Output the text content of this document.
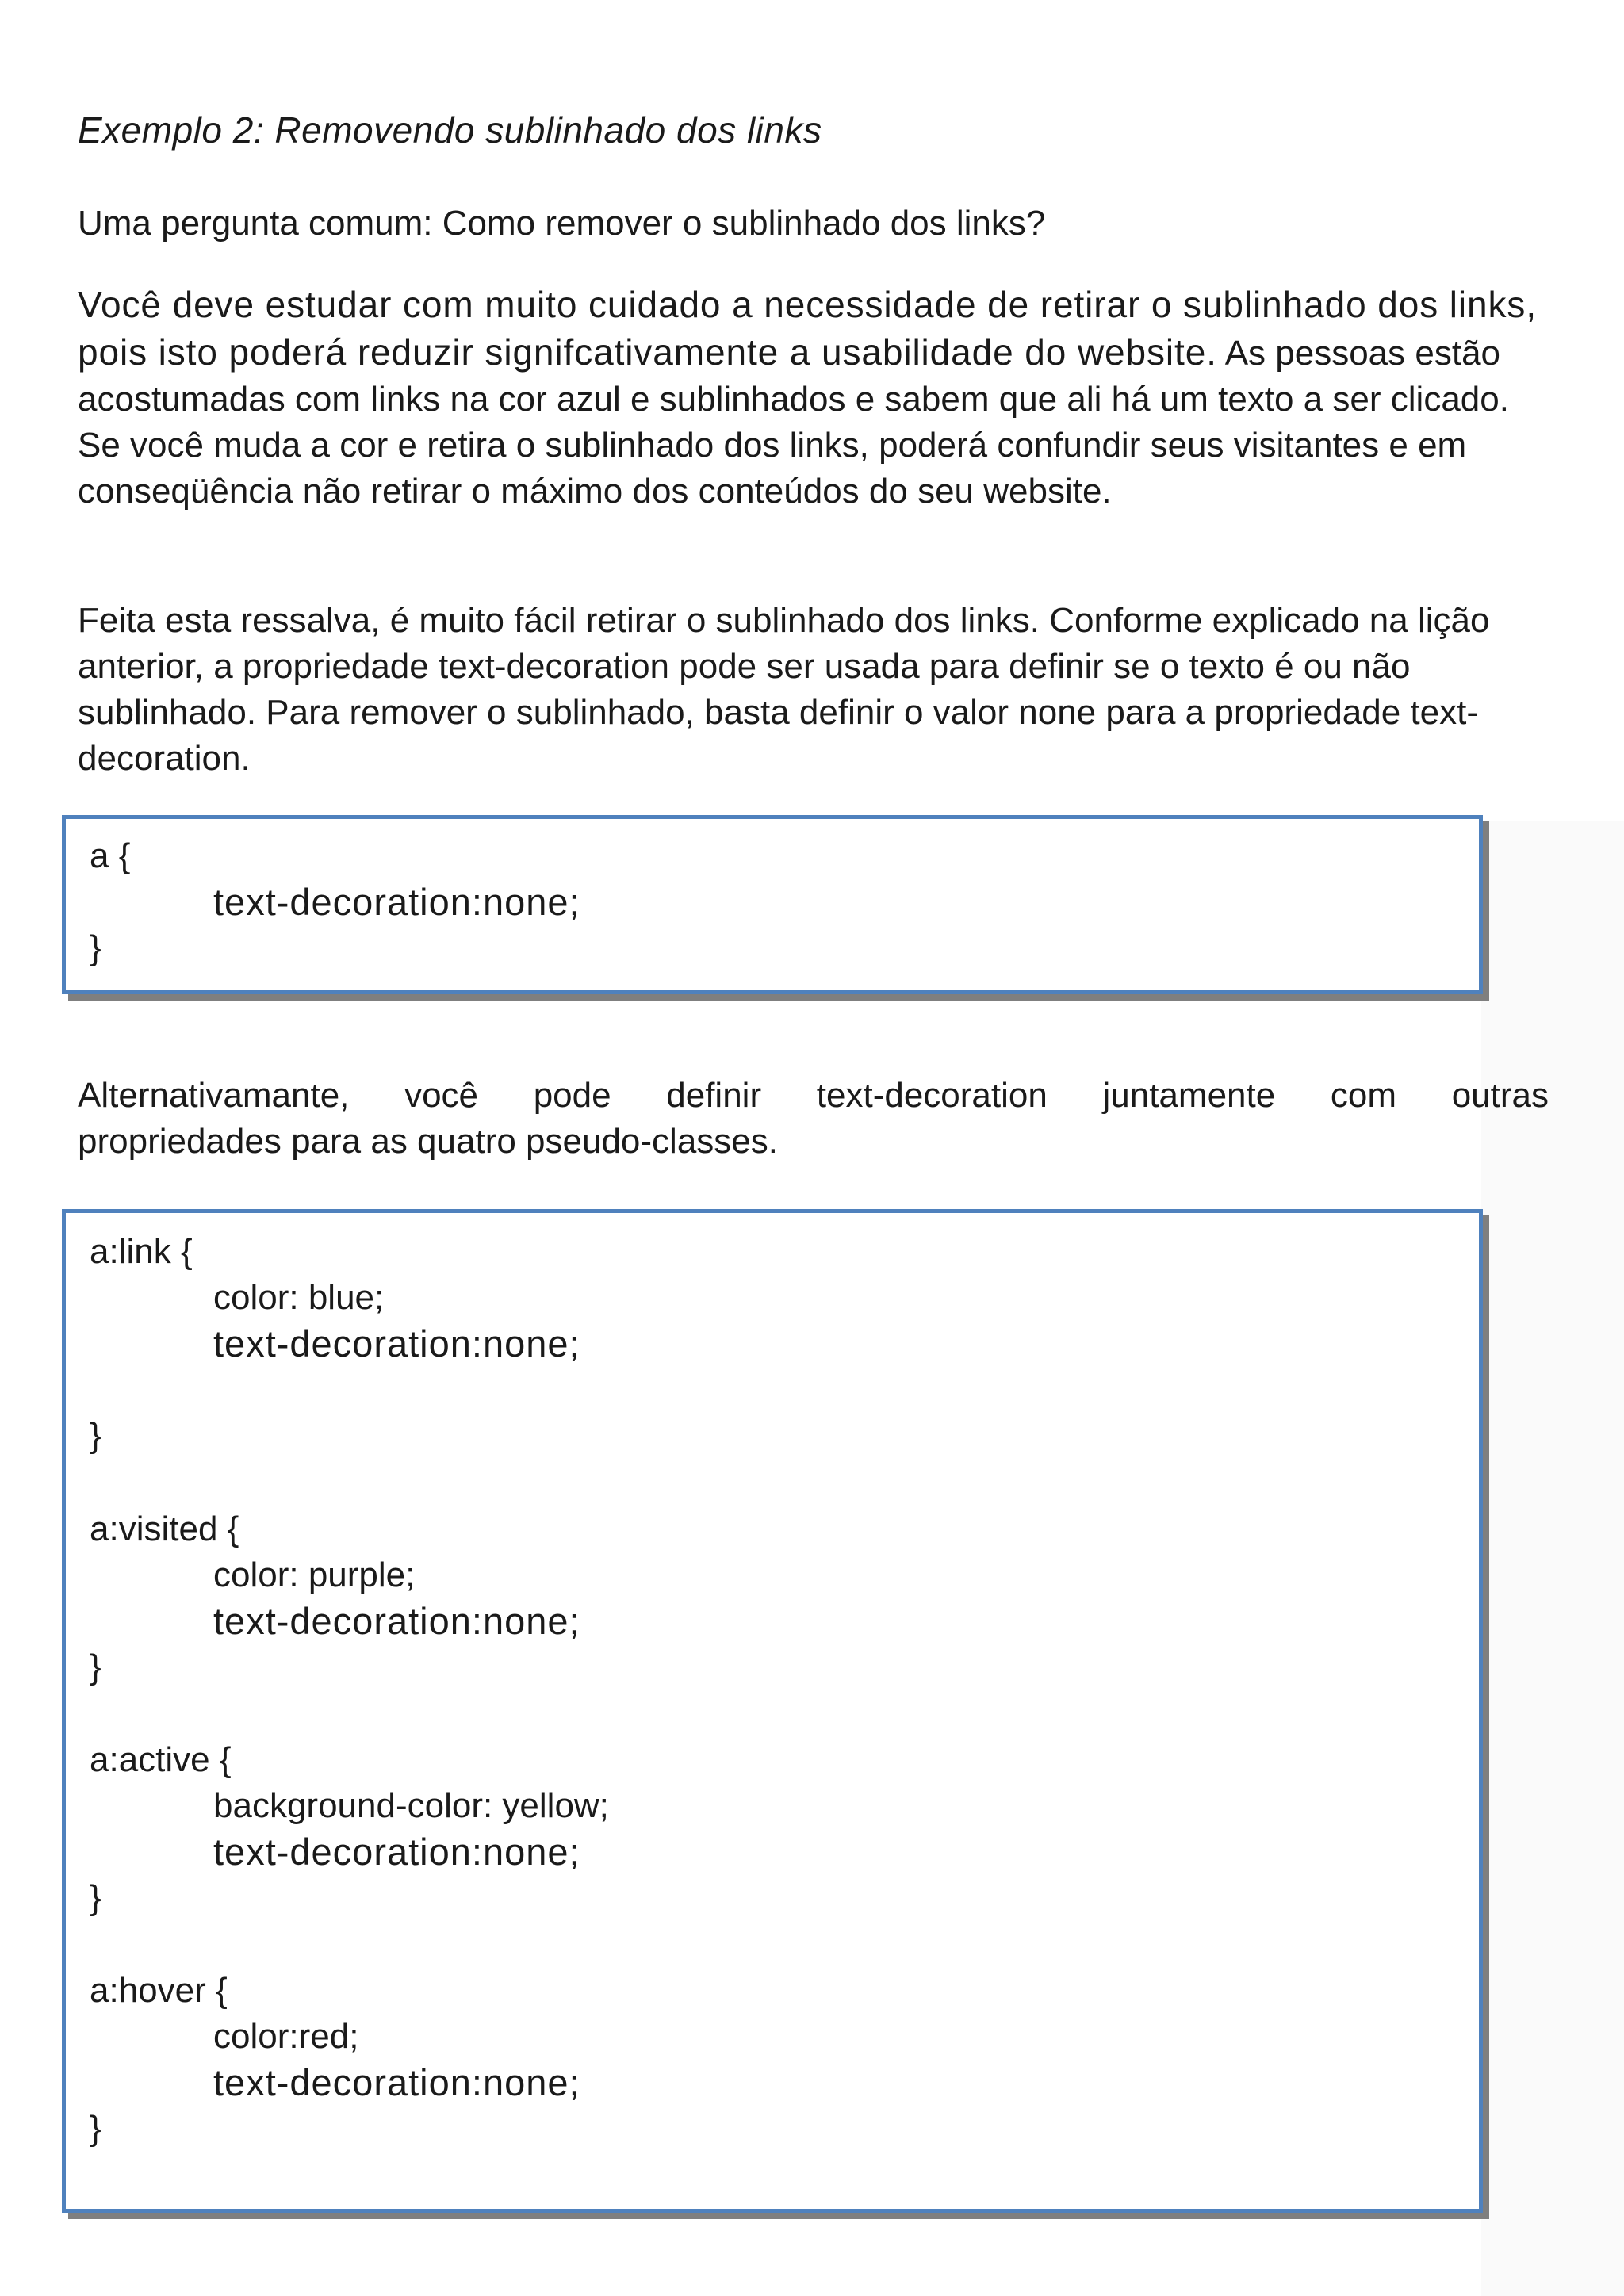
Exemplo 2: Removendo sublinhado dos links

Uma pergunta comum: Como remover o sublinhado dos links?

Você deve estudar com muito cuidado a necessidade de retirar o sublinhado dos links, pois isto poderá reduzir signifcativamente a usabilidade do website. As pessoas estão acostumadas com links na cor azul e sublinhados e sabem que ali há um texto a ser clicado. Se você muda a cor e retira o sublinhado dos links, poderá confundir seus visitantes e em conseqüência não retirar o máximo dos conteúdos do seu website.

Feita esta ressalva, é muito fácil retirar o sublinhado dos links. Conforme explicado na lição anterior, a propriedade text-decoration pode ser usada para definir se o texto é ou não sublinhado. Para remover o sublinhado, basta definir o valor none para a propriedade text-decoration.

a {

text-decoration:none;

}

Alternativamante, você pode definir text-decoration juntamente com outras
propriedades para as quatro pseudo-classes.

a:link {

color: blue;

text-decoration:none;

}

a:visited {

color: purple;

text-decoration:none;

}

a:active {

background-color: yellow;

text-decoration:none;

}

a:hover {

color:red;

text-decoration:none;

}
